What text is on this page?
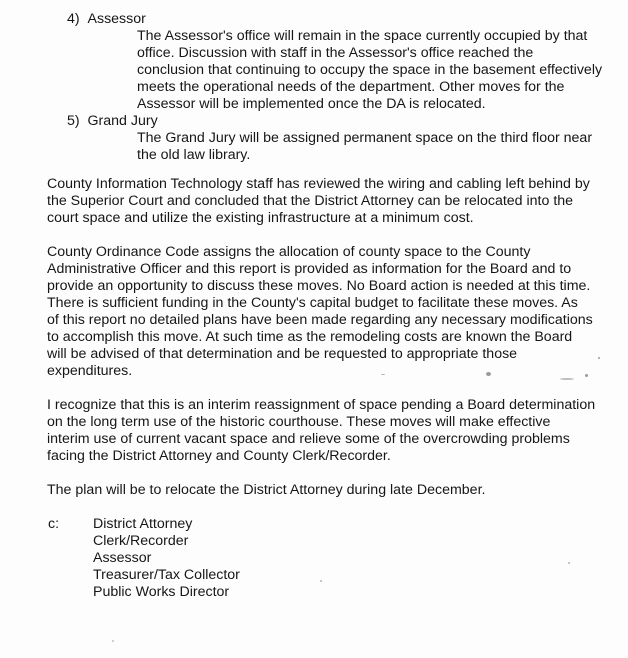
4) Assessor
The Assessor's office will remain in the space currently occupied by that
office. Discussion with staff in the Assessor's office reached the
conclusion that continuing to occupy the space in the basement effectively
meets the operational needs of the department. Other moves for the
Assessor will be implemented once the DA is relocated.
5) Grand Jury
The Grand Jury will be assigned permanent space on the third floor near
the old law library.
County Information Technology staff has reviewed the wiring and cabling left behind by
the Superior Court and concluded that the District Attorney can be relocated into the
court space and utilize the existing infrastructure at a minimum cost.
County Ordinance Code assigns the allocation of county space to the County
Administrative Officer and this report is provided as information for the Board and to
provide an opportunity to discuss these moves. No Board action is needed at this time.
There is sufficient funding in the County's capital budget to facilitate these moves. As
of this report no detailed plans have been made regarding any necessary modifications
to accomplish this move. At such time as the remodeling costs are known the Board
will be advised of that determination and be requested to appropriate those
expenditures.
I recognize that this is an interim reassignment of space pending a Board determination
on the long term use of the historic courthouse. These moves will make effective
interim use of current vacant space and relieve some of the overcrowding problems
facing the District Attorney and County Clerk/Recorder.
The plan will be to relocate the District Attorney during late December.
c: District Attorney
Clerk/Recorder
Assessor
Treasurer/Tax Collector
Public Works Director
